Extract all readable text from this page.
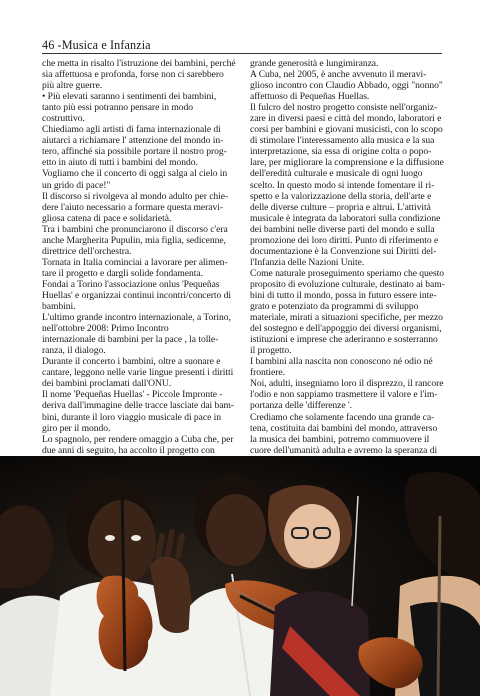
46 -Musica e Infanzia

che metta in risalto l'istruzione dei bambini, perché
sia affettuosa e profonda, forse non ci sarebbero
più altre guerre.

• Più elevati saranno i sentimenti dei bambini,
tanto più essi potranno pensare in modo
costruttivo.

Chiediamo agli artisti di fama internazionale di
aiutarci a richiamare l' attenzione del mondo in-
tero, affinché sia possibile portare il nostro prog-
etto in aiuto di tutti i bambini del mondo.
Vogliamo che il concerto di oggi salga al cielo in
un grido di pace!"

Il discorso si rivolgeva al mondo adulto per chie-
dere l'aiuto necessario a formare questa meravi-
gliosa catena di pace e solidarietà.

Tra i bambini che pronunciarono il discorso c'era
anche Margherita Pupulin, mia figlia, sedicenne,
direttrice dell'orchestra.

Tornata in Italia cominciai a lavorare per alimen-
tare il progetto e dargli solide fondamenta.

Fondai a Torino l'associazione onlus 'Pequeñas
Huellas' e organizzai continui incontri/concerto di
bambini.

L'ultimo grande incontro internazionale, a Torino,
nell'ottobre 2008: Primo Incontro
internazionale di bambini per la pace , la tolle-
ranza, il dialogo.

Durante il concerto i bambini, oltre a suonare e
cantare, leggono nelle varie lingue presenti i diritti
dei bambini proclamati dall'ONU.

Il nome 'Pequeñas Huellas' - Piccole Impronte -
deriva dall'immagine delle tracce lasciate dai bam-
bini, durante il loro viaggio musicale di pace in
giro per il mondo.

Lo spagnolo, per rendere omaggio a Cuba che, per
due anni di seguito, ha accolto il progetto con

grande generosità e lungimiranza.

A Cuba, nel 2005, è anche avvenuto il meravi-
glioso incontro con Claudio Abbado, oggi "nonno"
affettuoso di Pequeñas Huellas.

Il fulcro del nostro progetto consiste nell'organiz-
zare in diversi paesi e città del mondo, laboratori e
corsi per bambini e giovani musicisti, con lo scopo
di stimolare l'interessamento alla musica e la sua
interpretazione, sia essa di origine colta o popo-
lare, per migliorare la comprensione e la diffusione
dell'eredità culturale e musicale di ogni luogo
scelto. In questo modo si intende fomentare il ri-
spetto e la valorizzazione della storia, dell'arte e
delle diverse culture – propria e altrui. L'attività
musicale è integrata da laboratori sulla condizione
dei bambini nelle diverse parti del mondo e sulla
promozione dei loro diritti. Punto di riferimento e
documentazione è la Convenzione sui Diritti del-
l'Infanzia delle Nazioni Unite.

Come naturale proseguimento speriamo che questo
proposito di evoluzione culturale, destinato ai bam-
bini di tutto il mondo, possa in futuro essere inte-
grato e potenziato da programmi di sviluppo
materiale, mirati a situazioni specifiche, per mezzo
del sostegno e dell'appoggio dei diversi organismi,
istituzioni e imprese che aderiranno e sosterranno
il progetto.

I bambini alla nascita non conoscono né odio né
frontiere.

Noi, adulti, insegniamo loro il disprezzo, il rancore
l'odio e non sappiamo trasmettere il valore e l'im-
portanza delle 'differenze '.

Crediamo che solamente facendo una grande ca-
tena, costituita dai bambini del mondo, attraverso
la musica dei bambini, potremo commuovere il
cuore dell'umanità adulta e avremo la speranza di
